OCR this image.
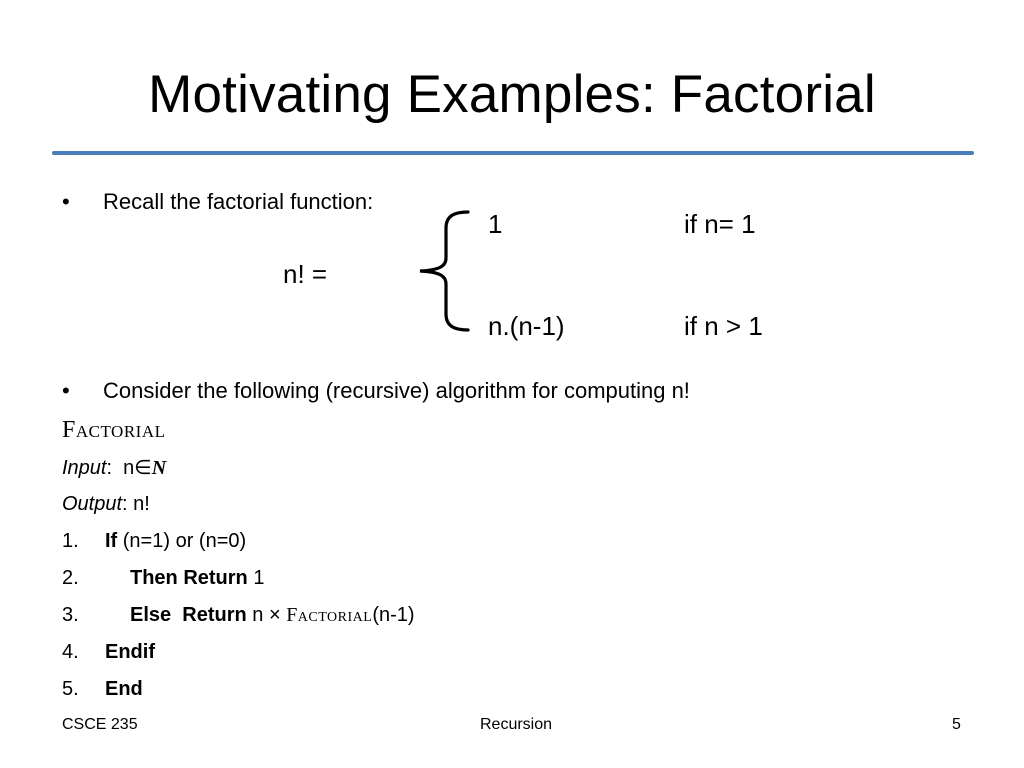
Motivating Examples: Factorial
• Recall the factorial function:
n! =
1	if n= 1
n.(n-1)	if n > 1
• Consider the following (recursive) algorithm for computing n!
Factorial
Input:  n∈N
Output: n!
1. If (n=1) or (n=0)
2.	Then Return 1
3.	Else  Return n × Factorial(n-1)
4. Endif
5. End
CSCE 235	Recursion	5
